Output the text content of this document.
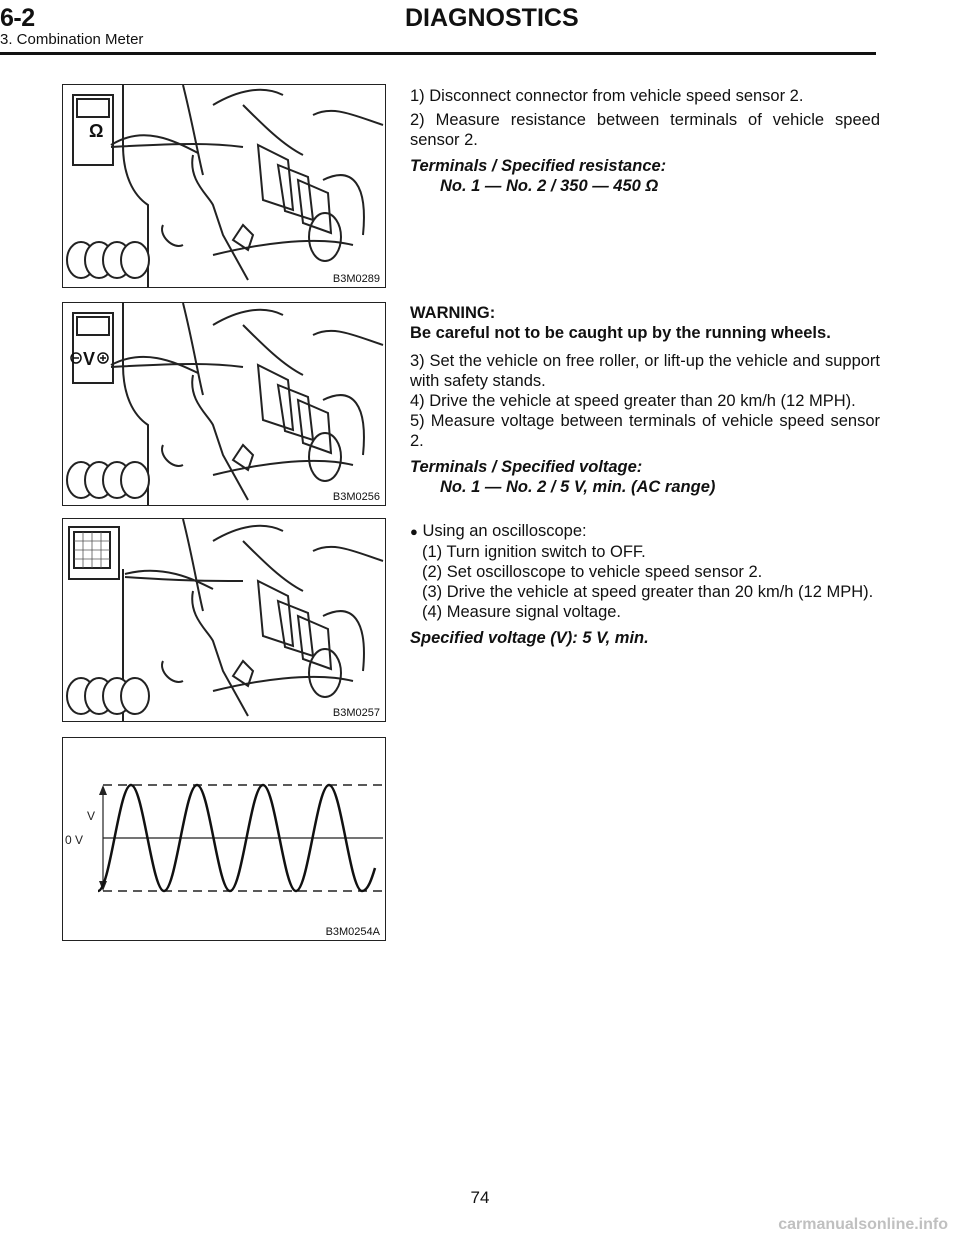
6-2	DIAGNOSTICS
3. Combination Meter
Ω
B3M0289
V
B3M0256
B3M0257
V
0 V
B3M0254A

1) Disconnect connector from vehicle speed sensor 2.

2) Measure resistance between terminals of vehicle speed sensor 2.

Terminals / Specified resistance:

No. 1 — No. 2 / 350 — 450 Ω

WARNING:

Be careful not to be caught up by the running wheels.

3) Set the vehicle on free roller, or lift-up the vehicle and support with safety stands.

4) Drive the vehicle at speed greater than 20 km/h (12 MPH).

5) Measure voltage between terminals of vehicle speed sensor 2.

Terminals / Specified voltage:

No. 1 — No. 2 / 5 V, min. (AC range)

● Using an oscilloscope:

(1) Turn ignition switch to OFF.

(2) Set oscilloscope to vehicle speed sensor 2.

(3) Drive the vehicle at speed greater than 20 km/h (12 MPH).

(4) Measure signal voltage.

Specified voltage (V): 5 V, min.

74
carmanualsonline.info
